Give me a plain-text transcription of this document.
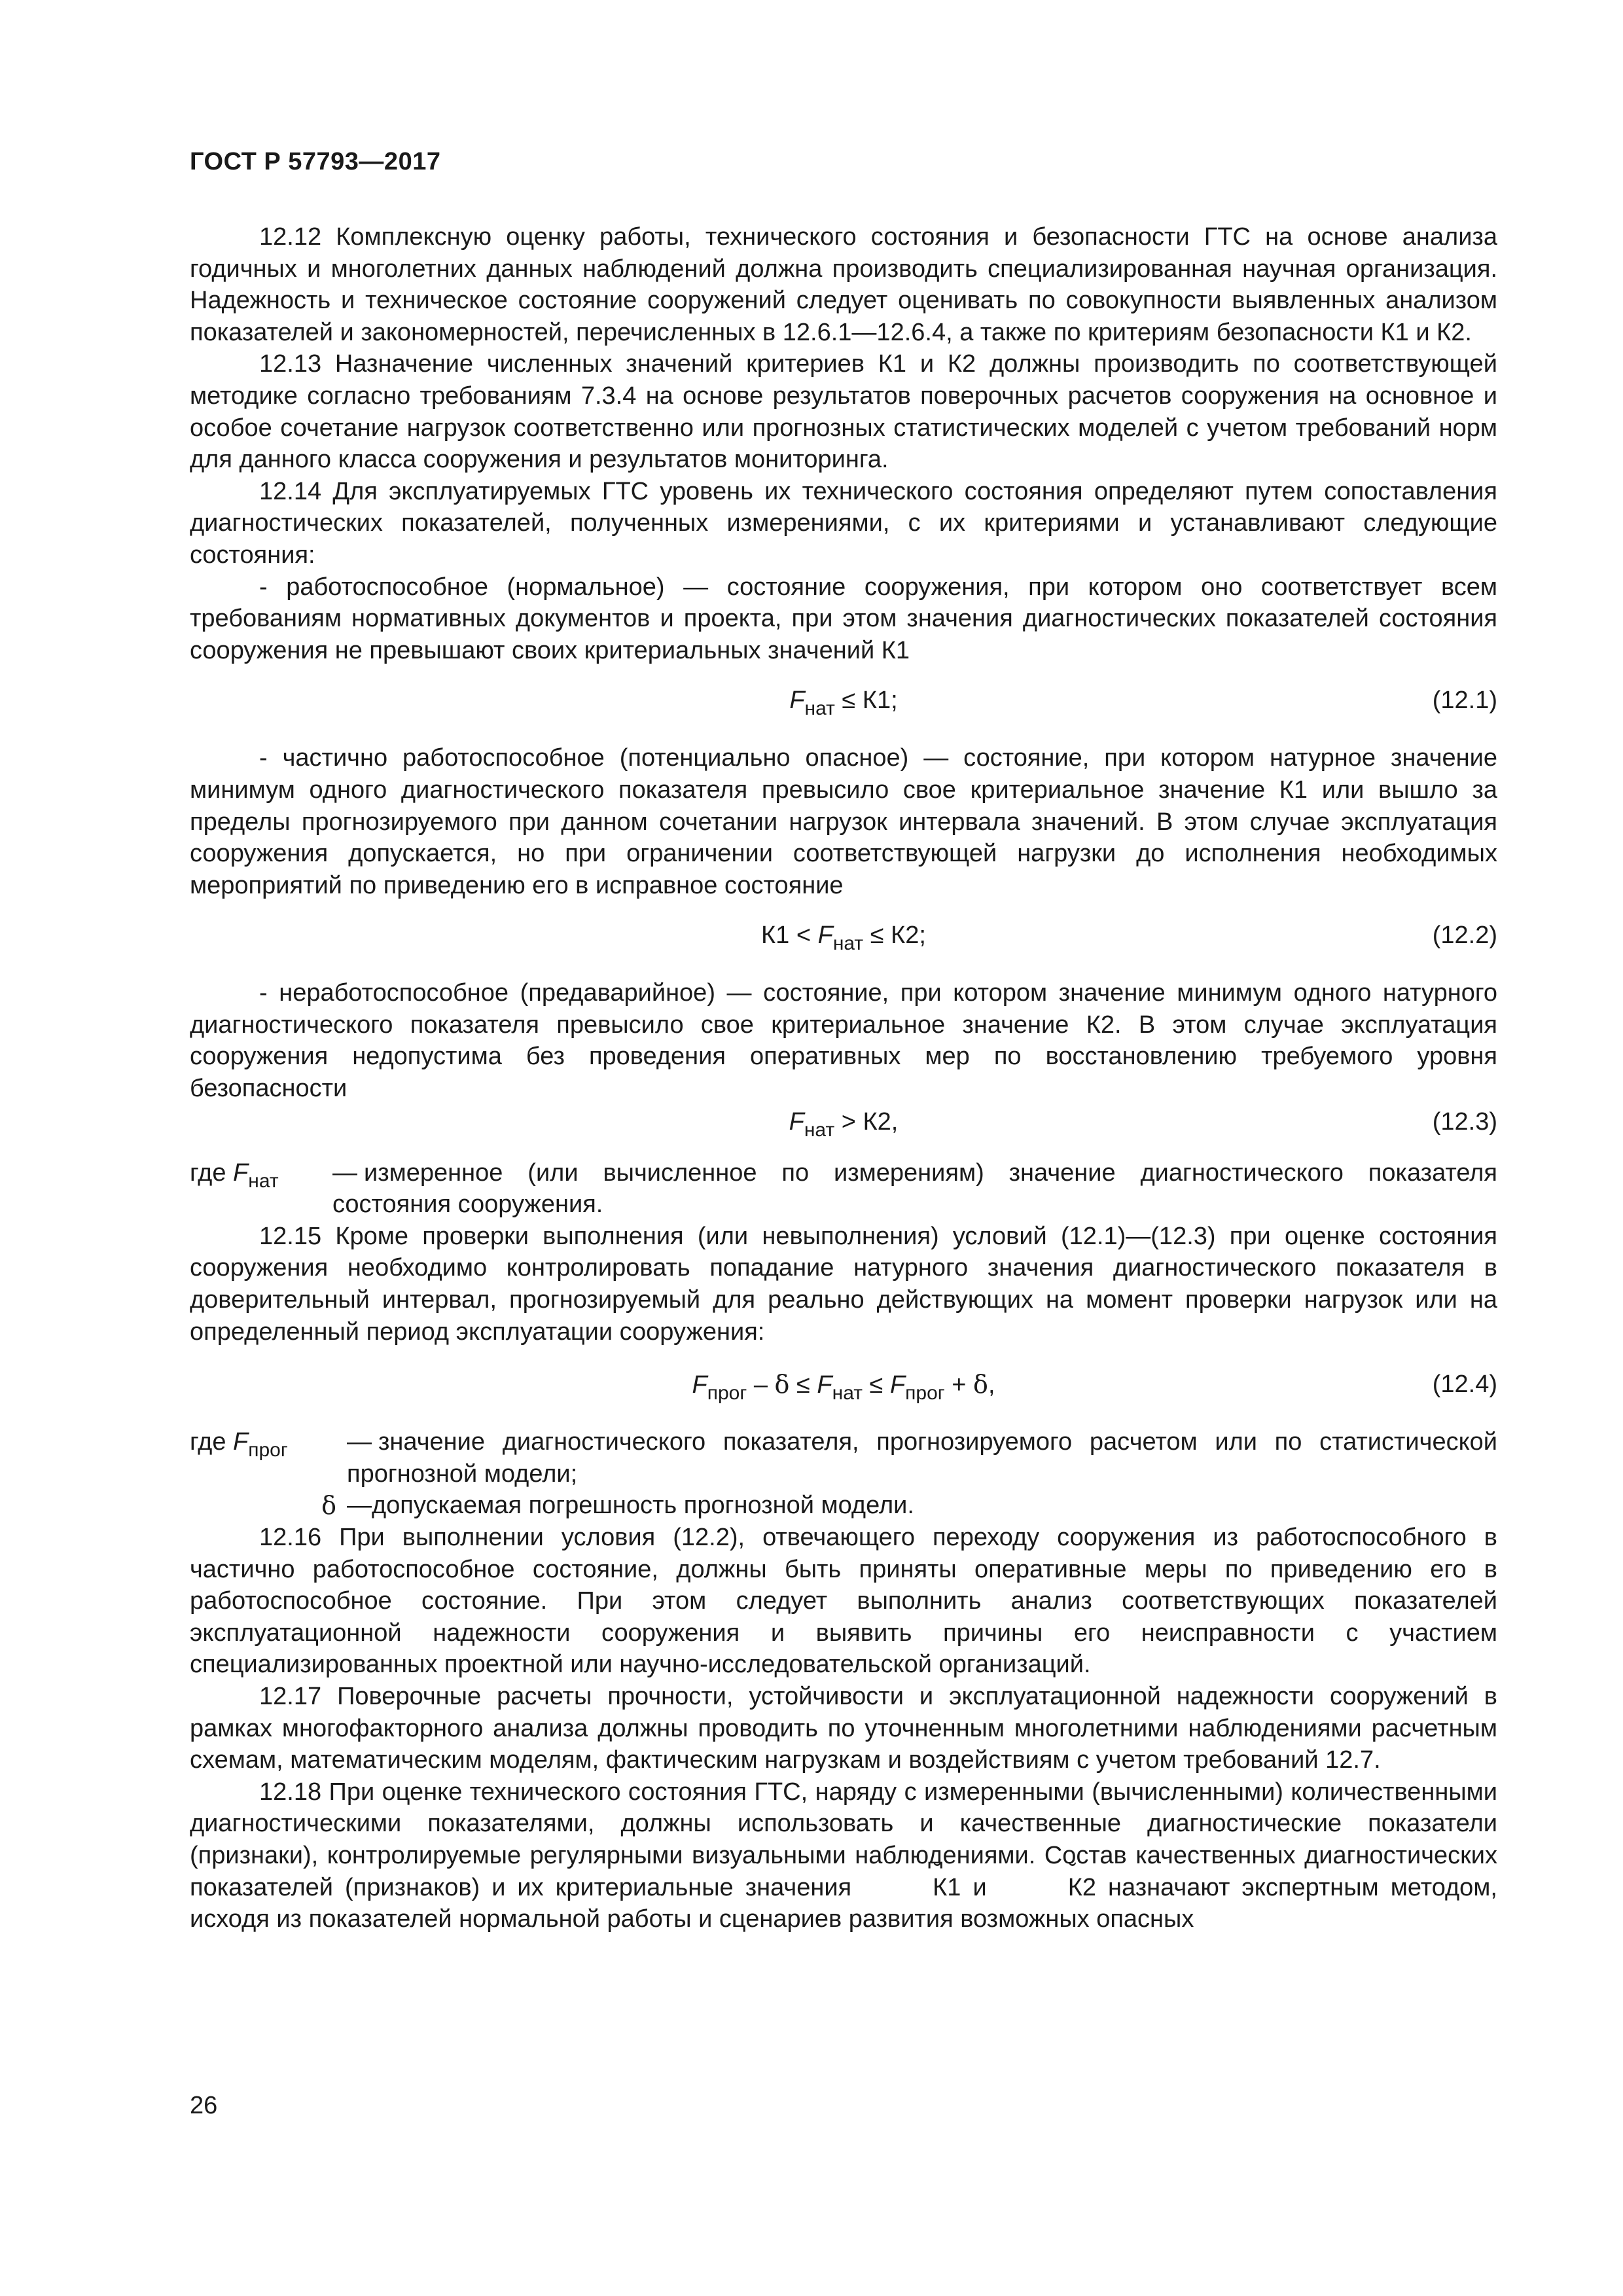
ГОСТ Р 57793—2017

12.12 Комплексную оценку работы, технического состояния и безопасности ГТС на основе анализа годичных и многолетних данных наблюдений должна производить специализированная научная организация. Надежность и техническое состояние сооружений следует оценивать по совокупности выявленных анализом показателей и закономерностей, перечисленных в 12.6.1—12.6.4, а также по критериям безопасности К1 и К2.

12.13 Назначение численных значений критериев К1 и К2 должны производить по соответствующей методике согласно требованиям 7.3.4 на основе результатов поверочных расчетов сооружения на основное и особое сочетание нагрузок соответственно или прогнозных статистических моделей с учетом требований норм для данного класса сооружения и результатов мониторинга.

12.14 Для эксплуатируемых ГТС уровень их технического состояния определяют путем сопоставления диагностических показателей, полученных измерениями, с их критериями и устанавливают следующие состояния:

- работоспособное (нормальное) — состояние сооружения, при котором оно соответствует всем требованиям нормативных документов и проекта, при этом значения диагностических показателей состояния сооружения не превышают своих критериальных значений К1

$F_{нат} \le К1$;	(12.1)

- частично работоспособное (потенциально опасное) — состояние, при котором натурное значение минимум одного диагностического показателя превысило свое критериальное значение К1 или вышло за пределы прогнозируемого при данном сочетании нагрузок интервала значений. В этом случае эксплуатация сооружения допускается, но при ограничении соответствующей нагрузки до исполнения необходимых мероприятий по приведению его в исправное состояние

$К1 < F_{нат} \le К2$;	(12.2)

- неработоспособное (предаварийное) — состояние, при котором значение минимум одного натурного диагностического показателя превысило свое критериальное значение К2. В этом случае эксплуатация сооружения недопустима без проведения оперативных мер по восстановлению требуемого уровня безопасности

$F_{нат} > К2$,	(12.3)
где $F_{нат}$	— измеренное (или вычисленное по измерениям) значение диагностического показателя состояния сооружения.

12.15 Кроме проверки выполнения (или невыполнения) условий (12.1)—(12.3) при оценке состояния сооружения необходимо контролировать попадание натурного значения диагностического показателя в доверительный интервал, прогнозируемый для реально действующих на момент проверки нагрузок или на определенный период эксплуатации сооружения:

$F_{прог} - \delta \le F_{нат} \le F_{прог} + \delta$,	(12.4)
где $F_{прог}$	— значение диагностического показателя, прогнозируемого расчетом или по статистической прогнозной модели;
δ —допускаемая погрешность прогнозной модели.

12.16 При выполнении условия (12.2), отвечающего переходу сооружения из работоспособного в частично работоспособное состояние, должны быть приняты оперативные меры по приведению его в работоспособное состояние. При этом следует выполнить анализ соответствующих показателей эксплуатационной надежности сооружения и выявить причины его неисправности с участием специализированных проектной или научно-исследовательской организаций.

12.17 Поверочные расчеты прочности, устойчивости и эксплуатационной надежности сооружений в рамках многофакторного анализа должны проводить по уточненным многолетними наблюдениями расчетным схемам, математическим моделям, фактическим нагрузкам и воздействиям с учетом требований 12.7.

12.18 При оценке технического состояния ГТС, наряду с измеренными (вычисленными) количественными диагностическими показателями, должны использовать и качественные диагностические показатели (признаки), контролируемые регулярными визуальными наблюдениями. Состав качественных диагностических показателей (признаков) и их критериальные значения	˘ К1 и	˘ К2 назначают экспертным методом, исходя из показателей нормальной работы и сценариев развития возможных опасных

26
